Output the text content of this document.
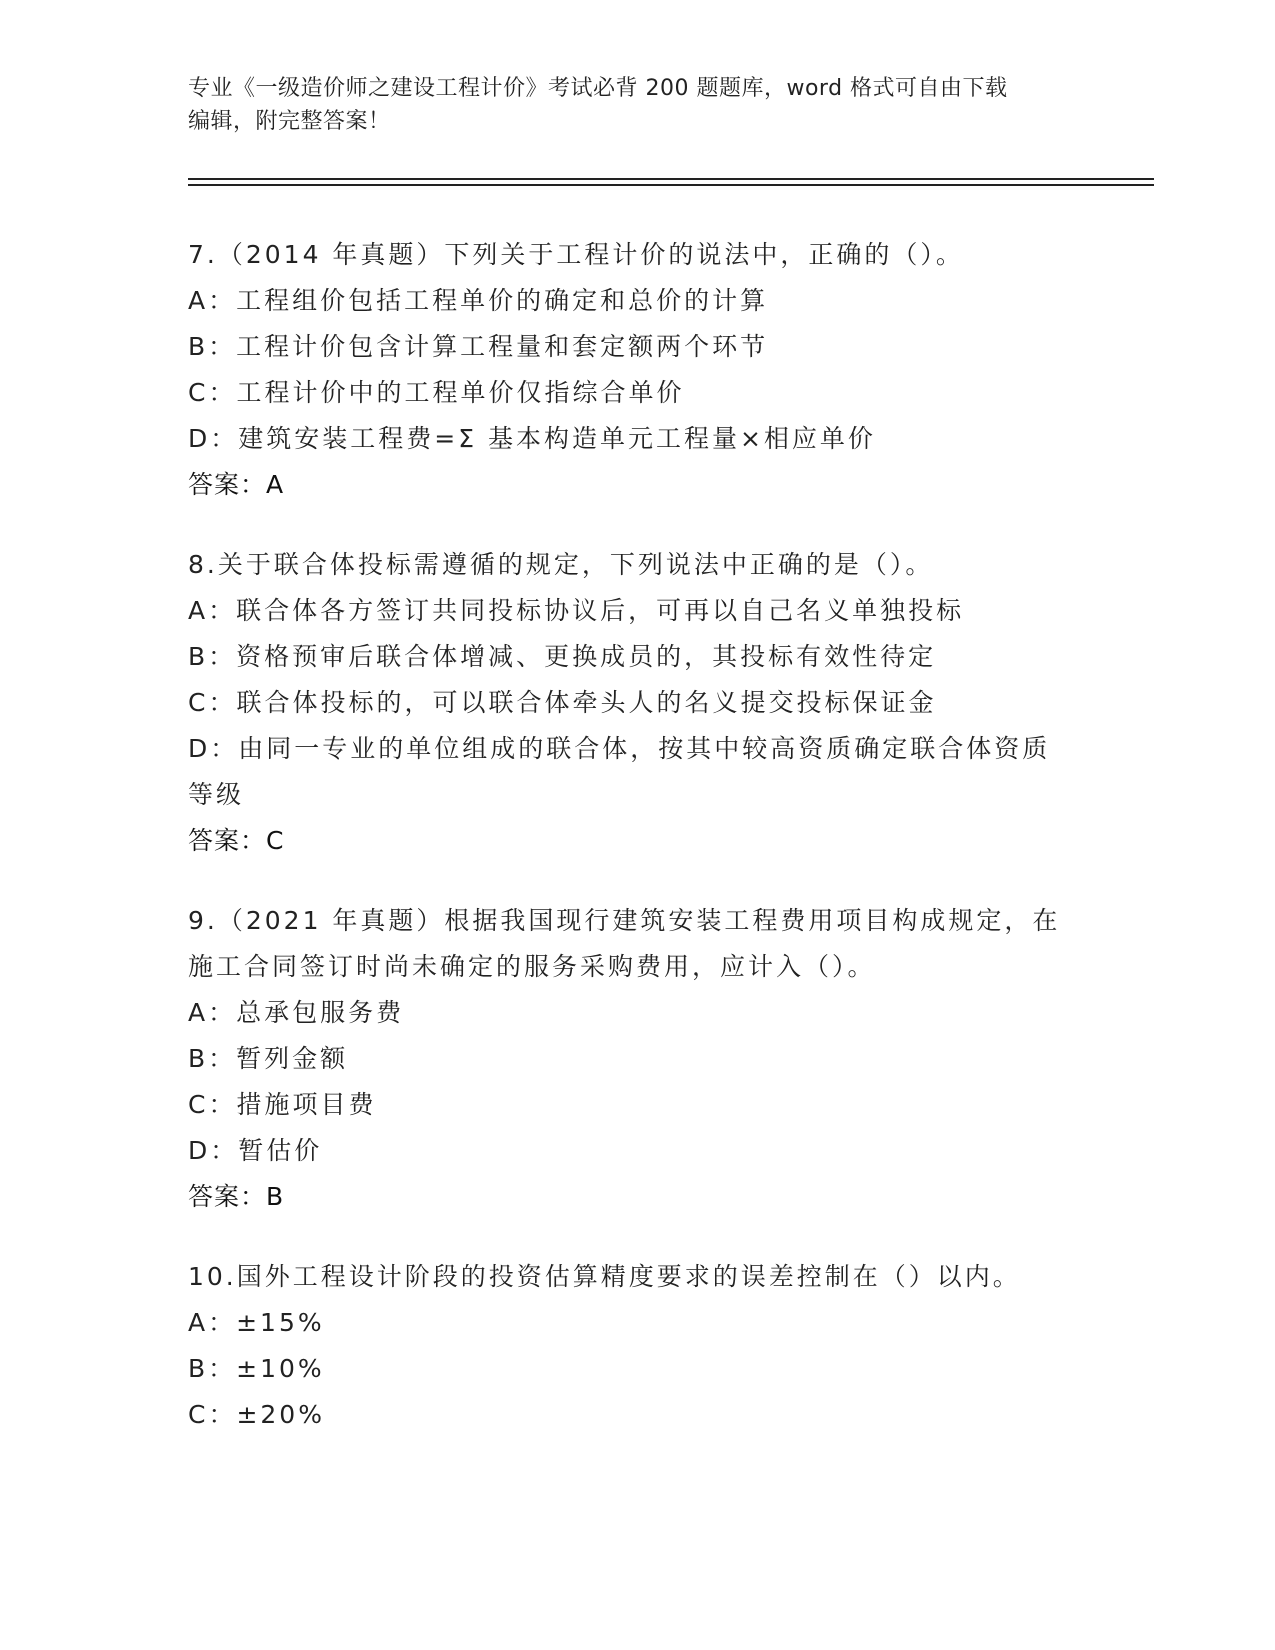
专业《一级造价师之建设工程计价》考试必背 200 题题库，word 格式可自由下载
编辑，附完整答案！
7.（2014 年真题）下列关于工程计价的说法中，正确的（）。
A：工程组价包括工程单价的确定和总价的计算
B：工程计价包含计算工程量和套定额两个环节
C：工程计价中的工程单价仅指综合单价
D：建筑安装工程费=Σ 基本构造单元工程量×相应单价
答案：A
8.关于联合体投标需遵循的规定，下列说法中正确的是（）。
A：联合体各方签订共同投标协议后，可再以自己名义单独投标
B：资格预审后联合体增减、更换成员的，其投标有效性待定
C：联合体投标的，可以联合体牵头人的名义提交投标保证金
D：由同一专业的单位组成的联合体，按其中较高资质确定联合体资质
等级
答案：C
9.（2021 年真题）根据我国现行建筑安装工程费用项目构成规定，在
施工合同签订时尚未确定的服务采购费用，应计入（）。
A：总承包服务费
B：暂列金额
C：措施项目费
D：暂估价
答案：B
10.国外工程设计阶段的投资估算精度要求的误差控制在（）以内。
A：±15%
B：±10%
C：±20%
